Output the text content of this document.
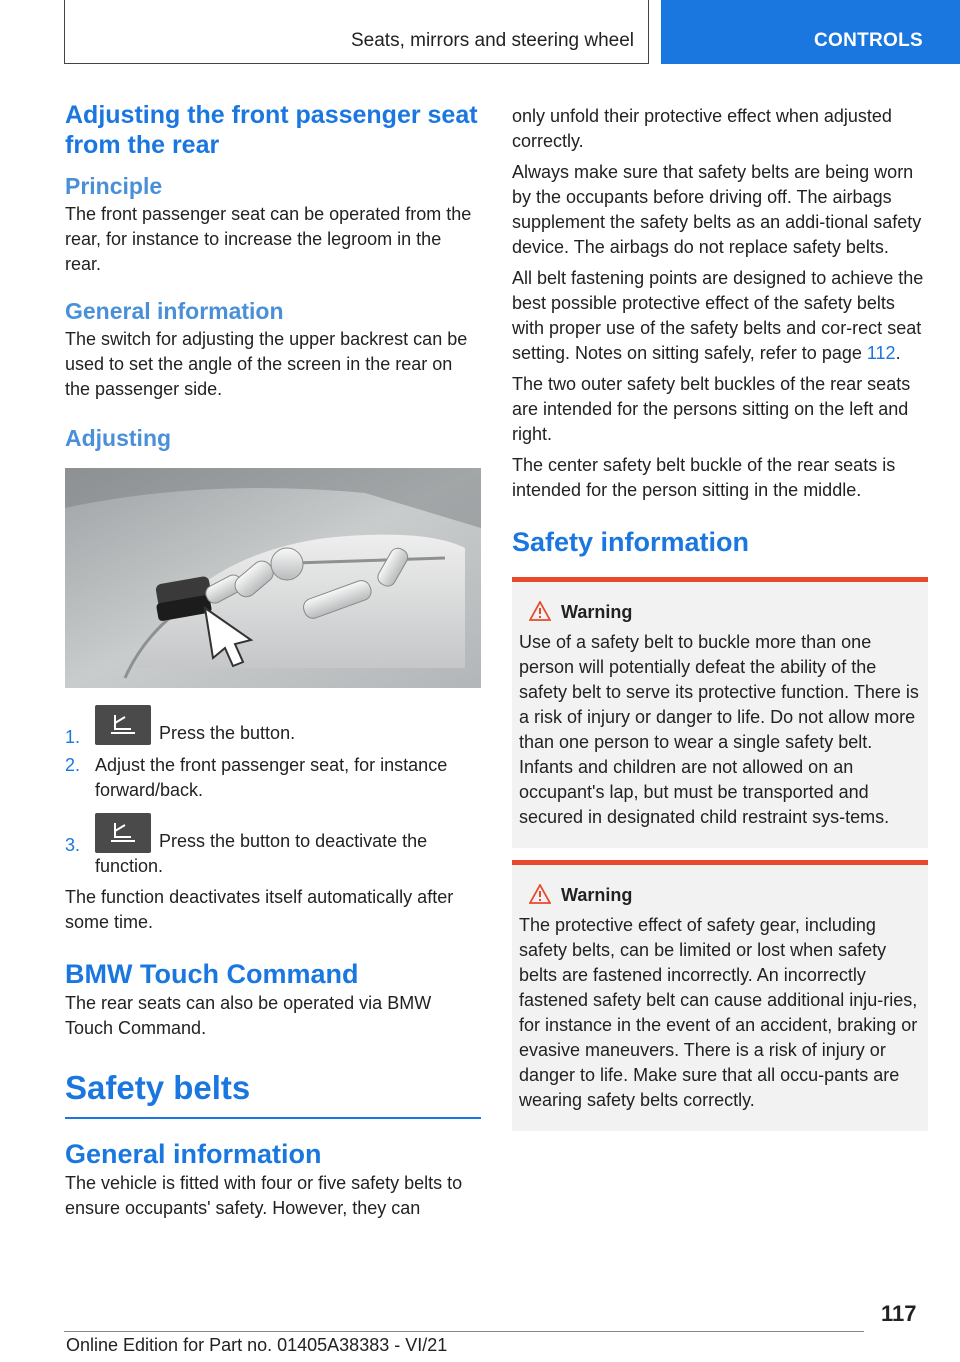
Seats, mirrors and steering wheel	CONTROLS
Adjusting the front passenger seat from the rear
Principle

The front passenger seat can be operated from the rear, for instance to increase the legroom in the rear.

General information

The switch for adjusting the upper backrest can be used to set the angle of the screen in the rear on the passenger side.

Adjusting
1.	Press the button.
2. Adjust the front passenger seat, for instance forward/back.
3.	Press the button to deactivate the function.

The function deactivates itself automatically after some time.

BMW Touch Command

The rear seats can also be operated via BMW Touch Command.

Safety belts
General information

The vehicle is fitted with four or five safety belts to ensure occupants' safety. However, they can

only unfold their protective effect when adjusted correctly.

Always make sure that safety belts are being worn by the occupants before driving off. The airbags supplement the safety belts as an addi-tional safety device. The airbags do not replace safety belts.

All belt fastening points are designed to achieve the best possible protective effect of the safety belts with proper use of the safety belts and cor-rect seat setting. Notes on sitting safely, refer to page 112.

The two outer safety belt buckles of the rear seats are intended for the persons sitting on the left and right.

The center safety belt buckle of the rear seats is intended for the person sitting in the middle.

Safety information
Warning

Use of a safety belt to buckle more than one person will potentially defeat the ability of the safety belt to serve its protective function. There is a risk of injury or danger to life. Do not allow more than one person to wear a single safety belt. Infants and children are not allowed on an occupant's lap, but must be transported and secured in designated child restraint sys-tems.

Warning

The protective effect of safety gear, including safety belts, can be limited or lost when safety belts are fastened incorrectly. An incorrectly fastened safety belt can cause additional inju-ries, for instance in the event of an accident, braking or evasive maneuvers. There is a risk of injury or danger to life. Make sure that all occu-pants are wearing safety belts correctly.

117
Online Edition for Part no. 01405A38383 - VI/21
